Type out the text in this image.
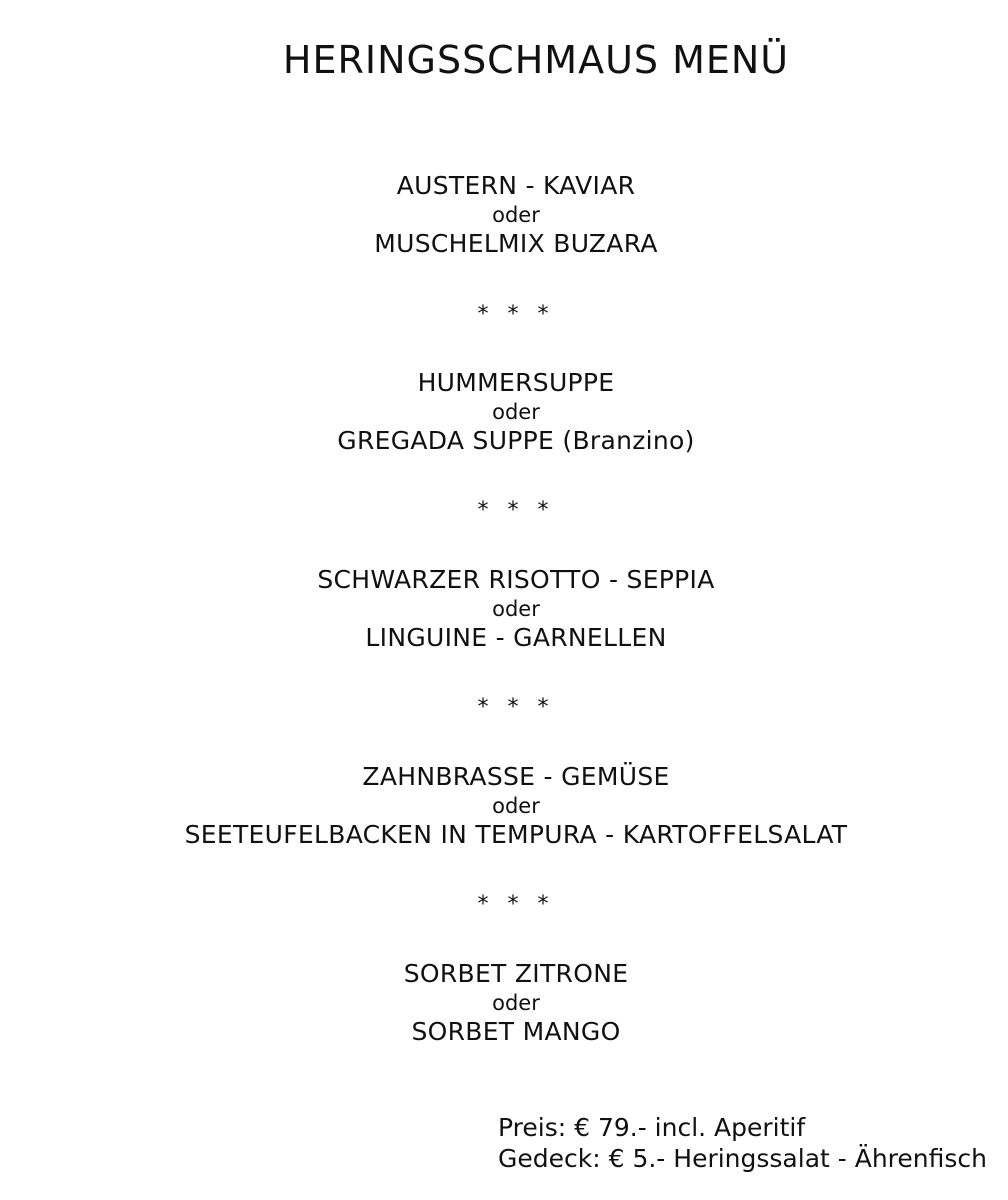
HERINGSSCHMAUS MENÜ
AUSTERN - KAVIAR
oder
MUSCHELMIX BUZARA
* * *
HUMMERSUPPE
oder
GREGADA SUPPE (Branzino)
* * *
SCHWARZER RISOTTO - SEPPIA
oder
LINGUINE - GARNELLEN
* * *
ZAHNBRASSE - GEMÜSE
oder
SEETEUFELBACKEN IN TEMPURA - KARTOFFELSALAT
* * *
SORBET ZITRONE
oder
SORBET MANGO
Preis: € 79.- incl. Aperitif
Gedeck: € 5.- Heringssalat - Ährenfisch
